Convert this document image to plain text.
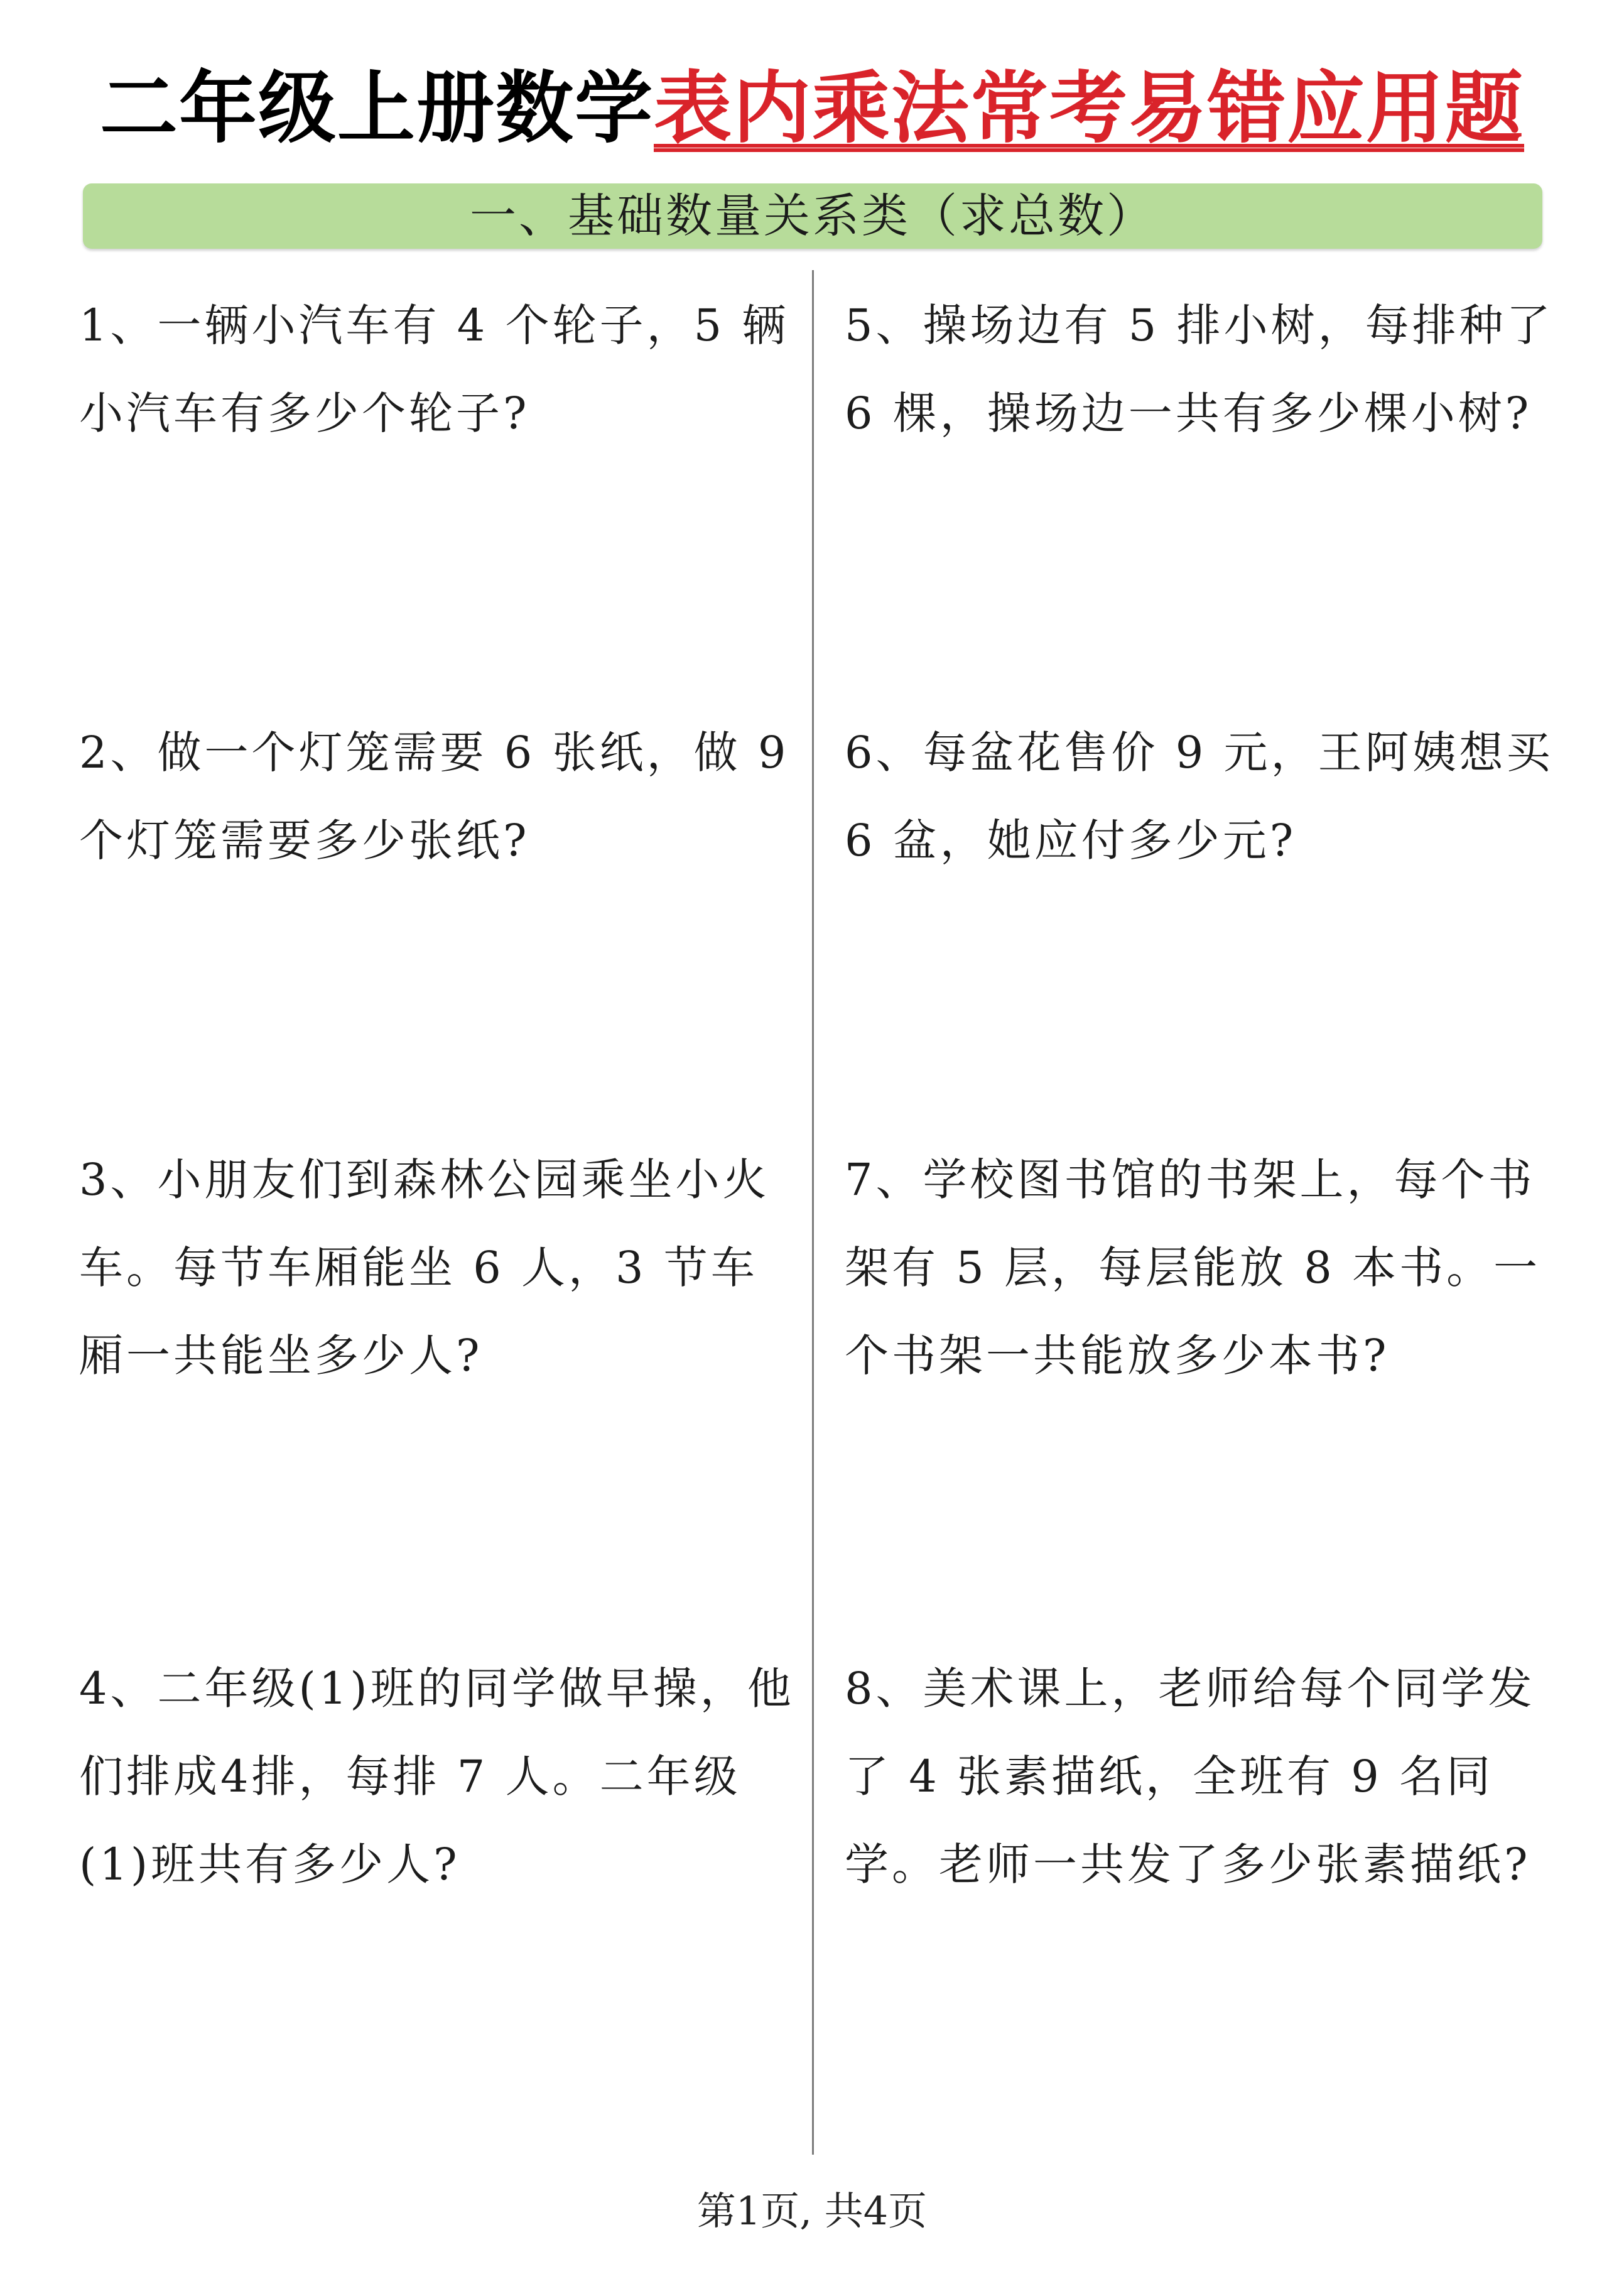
二年级上册数学表内乘法常考易错应用题
一、基础数量关系类（求总数）
1、一辆小汽车有 4 个轮子，5 辆小汽车有多少个轮子?
2、做一个灯笼需要 6 张纸，做 9 个灯笼需要多少张纸?
3、小朋友们到森林公园乘坐小火车。每节车厢能坐 6 人，3 节车厢一共能坐多少人?
4、二年级(1)班的同学做早操，他们排成4排，每排 7 人。二年级(1)班共有多少人?
5、操场边有 5 排小树，每排种了 6 棵，操场边一共有多少棵小树?
6、每盆花售价 9 元，王阿姨想买 6 盆，她应付多少元?
7、学校图书馆的书架上，每个书架有 5 层，每层能放 8 本书。一个书架一共能放多少本书?
8、美术课上，老师给每个同学发了 4 张素描纸，全班有 9 名同学。老师一共发了多少张素描纸?
第1页, 共4页
